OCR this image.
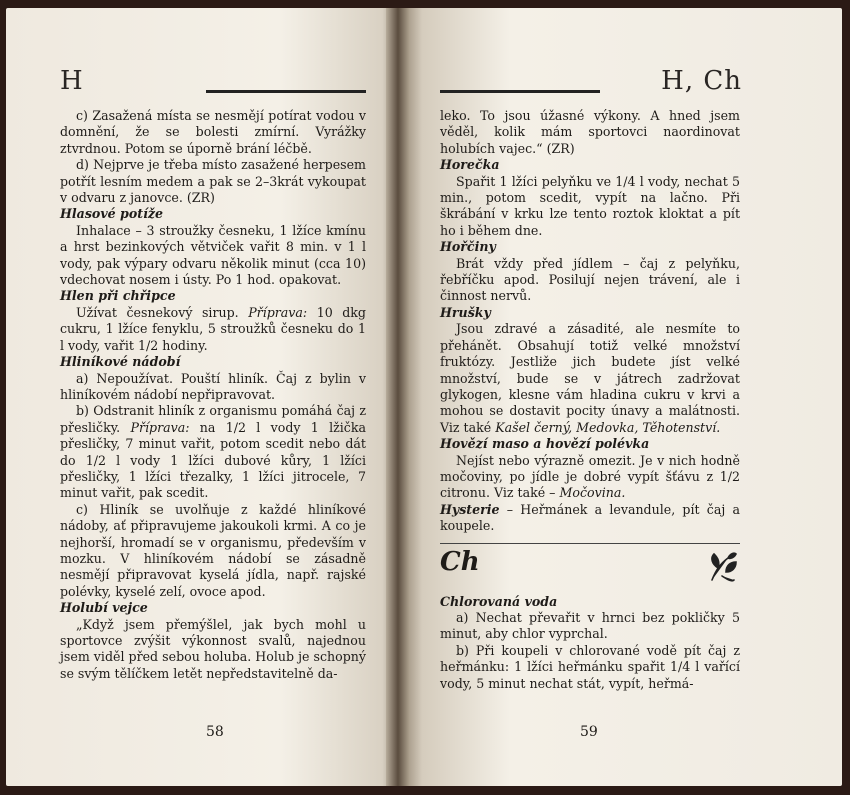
H

c) Zasažená místa se nesmějí potírat vodou v domnění, že se bolesti zmírní. Vyrážky ztvrdnou. Potom se úporně brání léčbě.

d) Nejprve je třeba místo zasažené herpesem potřít lesním medem a pak se 2–3krát vykoupat v odvaru z janovce. (ZR)

Hlasové potíže

Inhalace – 3 stroužky česneku, 1 lžíce kmínu a hrst bezinkových větviček vařit 8 min. v 1 l vody, pak výpary odvaru několik minut (cca 10) vdechovat nosem i ústy. Po 1 hod. opakovat.

Hlen při chřipce

Užívat česnekový sirup. Příprava: 10 dkg cukru, 1 lžíce fenyklu, 5 stroužků česneku do 1 l vody, vařit 1/2 hodiny.

Hliníkové nádobí

a) Nepoužívat. Pouští hliník. Čaj z bylin v hliníkovém nádobí nepřipravovat.

b) Odstranit hliník z organismu pomáhá čaj z přesličky. Příprava: na 1/2 l vody 1 lžička přesličky, 7 minut vařit, potom scedit nebo dát do 1/2 l vody 1 lžíci dubové kůry, 1 lžíci přesličky, 1 lžíci třezalky, 1 lžíci jitrocele, 7 minut vařit, pak scedit.

c) Hliník se uvolňuje z každé hliníkové nádoby, ať připravujeme jakoukoli krmi. A co je nejhorší, hromadí se v organismu, především v mozku. V hliníkovém nádobí se zásadně nesmějí připravovat kyselá jídla, např. rajské polévky, kyselé zelí, ovoce apod.

Holubí vejce

„Když jsem přemýšlel, jak bych mohl u sportovce zvýšit výkonnost svalů, najednou jsem viděl před sebou holuba. Holub je schopný se svým tělíčkem letět nepředstavitelně da-

58
H, Ch

leko. To jsou úžasné výkony. A hned jsem věděl, kolik mám sportovci naordinovat holubích vajec.“ (ZR)

Horečka

Spařit 1 lžíci pelyňku ve 1/4 l vody, nechat 5 min., potom scedit, vypít na lačno. Při škrábání v krku lze tento roztok kloktat a pít ho i během dne.

Hořčiny

Brát vždy před jídlem – čaj z pelyňku, řebříčku apod. Posilují nejen trávení, ale i činnost nervů.

Hrušky

Jsou zdravé a zásadité, ale nesmíte to přehánět. Obsahují totiž velké množství fruktózy. Jestliže jich budete jíst velké množství, bude se v játrech zadržovat glykogen, klesne vám hladina cukru v krvi a mohou se dostavit pocity únavy a malátnosti. Viz také Kašel černý, Medovka, Těhotenství.

Hovězí maso a hovězí polévka

Nejíst nebo výrazně omezit. Je v nich hodně močoviny, po jídle je dobré vypít šťávu z 1/2 citronu. Viz také – Močovina.

Hysterie – Heřmánek a levandule, pít čaj a koupele.

Ch

Chlorovaná voda

a) Nechat převařit v hrnci bez pokličky 5 minut, aby chlor vyprchal.

b) Při koupeli v chlorované vodě pít čaj z heřmánku: 1 lžíci heřmánku spařit 1/4 l vařící vody, 5 minut nechat stát, vypít, heřmá-

59
